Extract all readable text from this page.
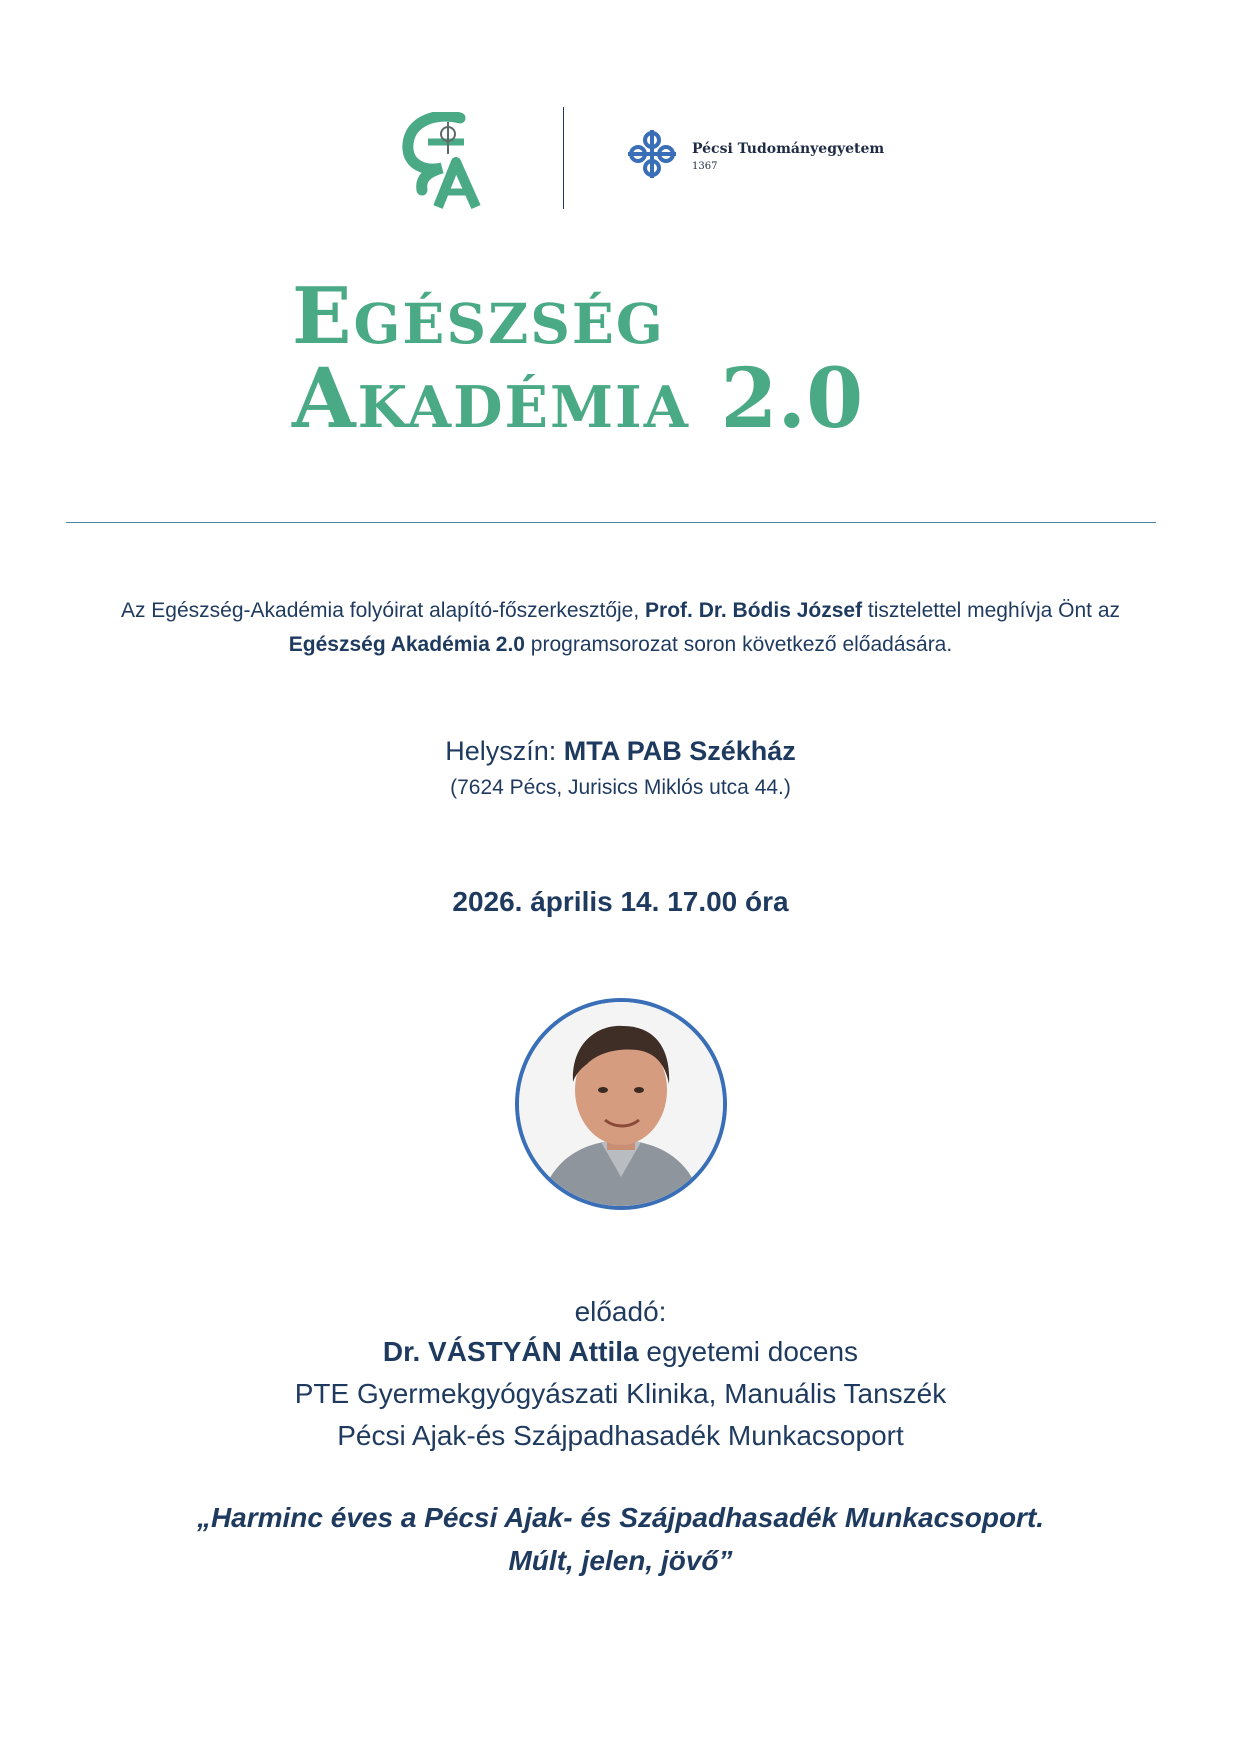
Pécsi Tudományegyetem
1367
Egészség
Akadémia 2.0
Az Egészség-Akadémia folyóirat alapító-főszerkesztője, Prof. Dr. Bódis József tisztelettel meghívja Önt az
Egészség Akadémia 2.0 programsorozat soron következő előadására.
Helyszín: MTA PAB Székház
(7624 Pécs, Jurisics Miklós utca 44.)
2026. április 14. 17.00 óra
előadó:
Dr. VÁSTYÁN Attila egyetemi docens
PTE Gyermekgyógyászati Klinika, Manuális Tanszék
Pécsi Ajak-és Szájpadhasadék Munkacsoport
„Harminc éves a Pécsi Ajak- és Szájpadhasadék Munkacsoport.
Múlt, jelen, jövő”
